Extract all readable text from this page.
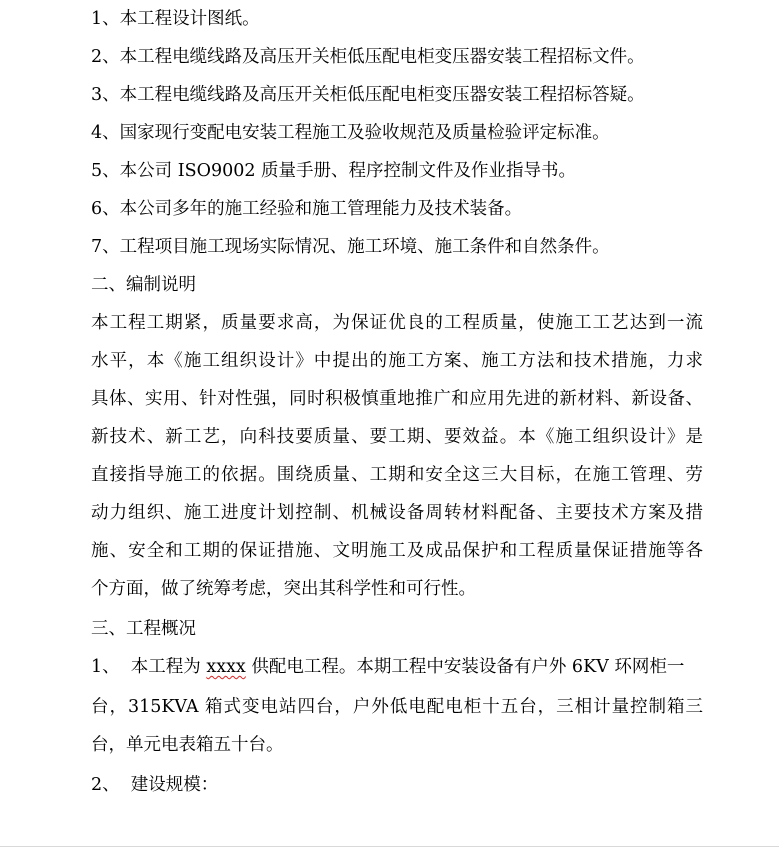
1、本工程设计图纸。
2、本工程电缆线路及高压开关柜低压配电柜变压器安装工程招标文件。
3、本工程电缆线路及高压开关柜低压配电柜变压器安装工程招标答疑。
4、国家现行变配电安装工程施工及验收规范及质量检验评定标准。
5、本公司 ISO9002 质量手册、程序控制文件及作业指导书。
6、本公司多年的施工经验和施工管理能力及技术装备。
7、工程项目施工现场实际情况、施工环境、施工条件和自然条件。
二、编制说明
本工程工期紧，质量要求高，为保证优良的工程质量，使施工工艺达到一流
水平，本《施工组织设计》中提出的施工方案、施工方法和技术措施，力求
具体、实用、针对性强，同时积极慎重地推广和应用先进的新材料、新设备、
新技术、新工艺，向科技要质量、要工期、要效益。本《施工组织设计》是
直接指导施工的依据。围绕质量、工期和安全这三大目标，在施工管理、劳
动力组织、施工进度计划控制、机械设备周转材料配备、主要技术方案及措
施、安全和工期的保证措施、文明施工及成品保护和工程质量保证措施等各
个方面，做了统筹考虑，突出其科学性和可行性。
三、工程概况
1、  本工程为 xxxx 供配电工程。本期工程中安装设备有户外 6KV 环网柜一
台，315KVA 箱式变电站四台，户外低电配电柜十五台，三相计量控制箱三
台，单元电表箱五十台。
2、  建设规模：
